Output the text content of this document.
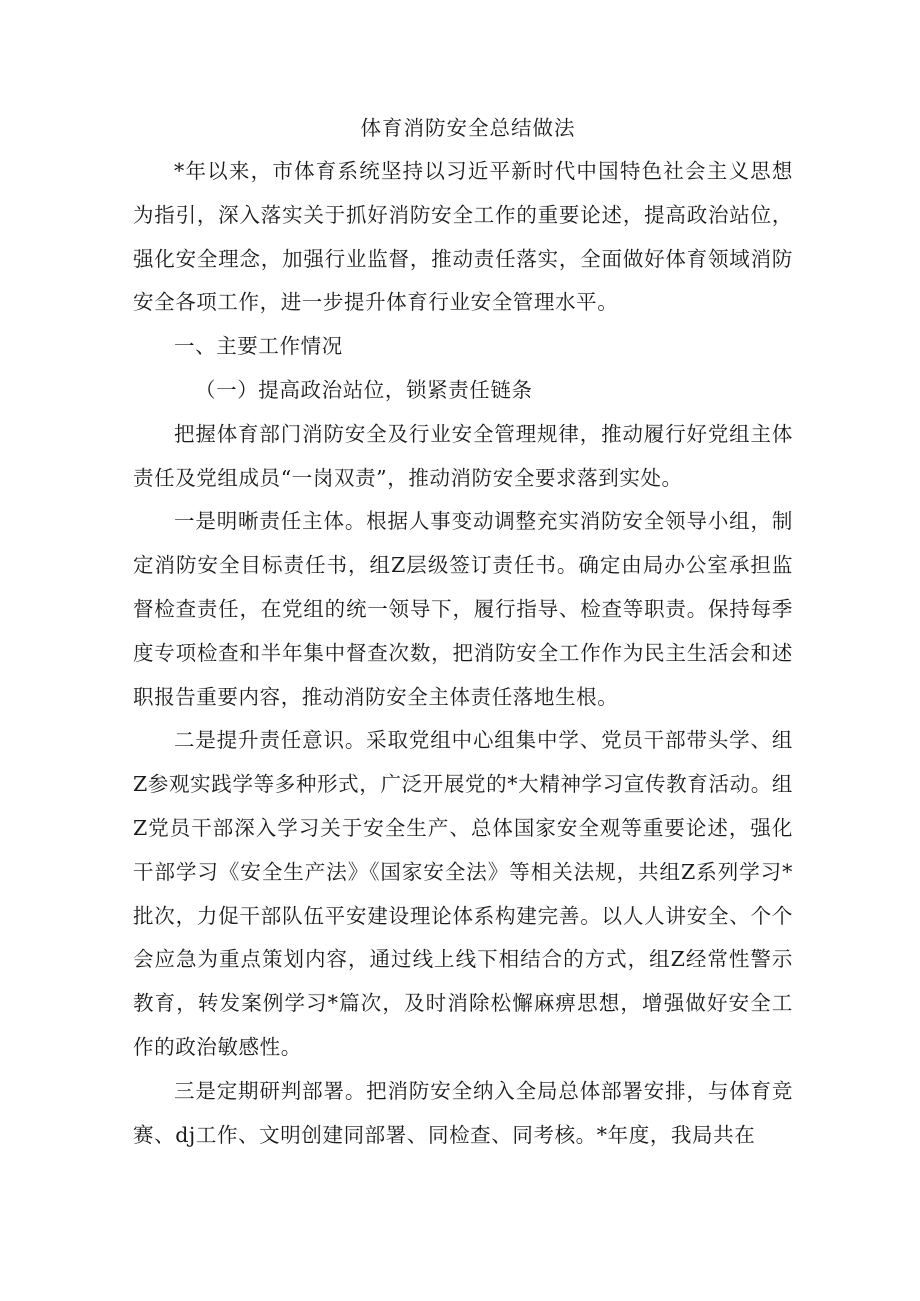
体育消防安全总结做法

*年以来，市体育系统坚持以习近平新时代中国特色社会主义思想为指引，深入落实关于抓好消防安全工作的重要论述，提高政治站位，强化安全理念，加强行业监督，推动责任落实，全面做好体育领域消防安全各项工作，进一步提升体育行业安全管理水平。

一、主要工作情况

（一）提高政治站位，锁紧责任链条

把握体育部门消防安全及行业安全管理规律，推动履行好党组主体责任及党组成员“一岗双责”，推动消防安全要求落到实处。

一是明晰责任主体。根据人事变动调整充实消防安全领导小组，制定消防安全目标责任书，组Z层级签订责任书。确定由局办公室承担监督检查责任，在党组的统一领导下，履行指导、检查等职责。保持每季度专项检查和半年集中督查次数，把消防安全工作作为民主生活会和述职报告重要内容，推动消防安全主体责任落地生根。

二是提升责任意识。采取党组中心组集中学、党员干部带头学、组Z参观实践学等多种形式，广泛开展党的*大精神学习宣传教育活动。组Z党员干部深入学习关于安全生产、总体国家安全观等重要论述，强化干部学习《安全生产法》《国家安全法》等相关法规，共组Z系列学习*批次，力促干部队伍平安建设理论体系构建完善。以人人讲安全、个个会应急为重点策划内容，通过线上线下相结合的方式，组Z经常性警示教育，转发案例学习*篇次，及时消除松懈麻痹思想，增强做好安全工作的政治敏感性。

三是定期研判部署。把消防安全纳入全局总体部署安排，与体育竞赛、dj工作、文明创建同部署、同检查、同考核。*年度，我局共在
